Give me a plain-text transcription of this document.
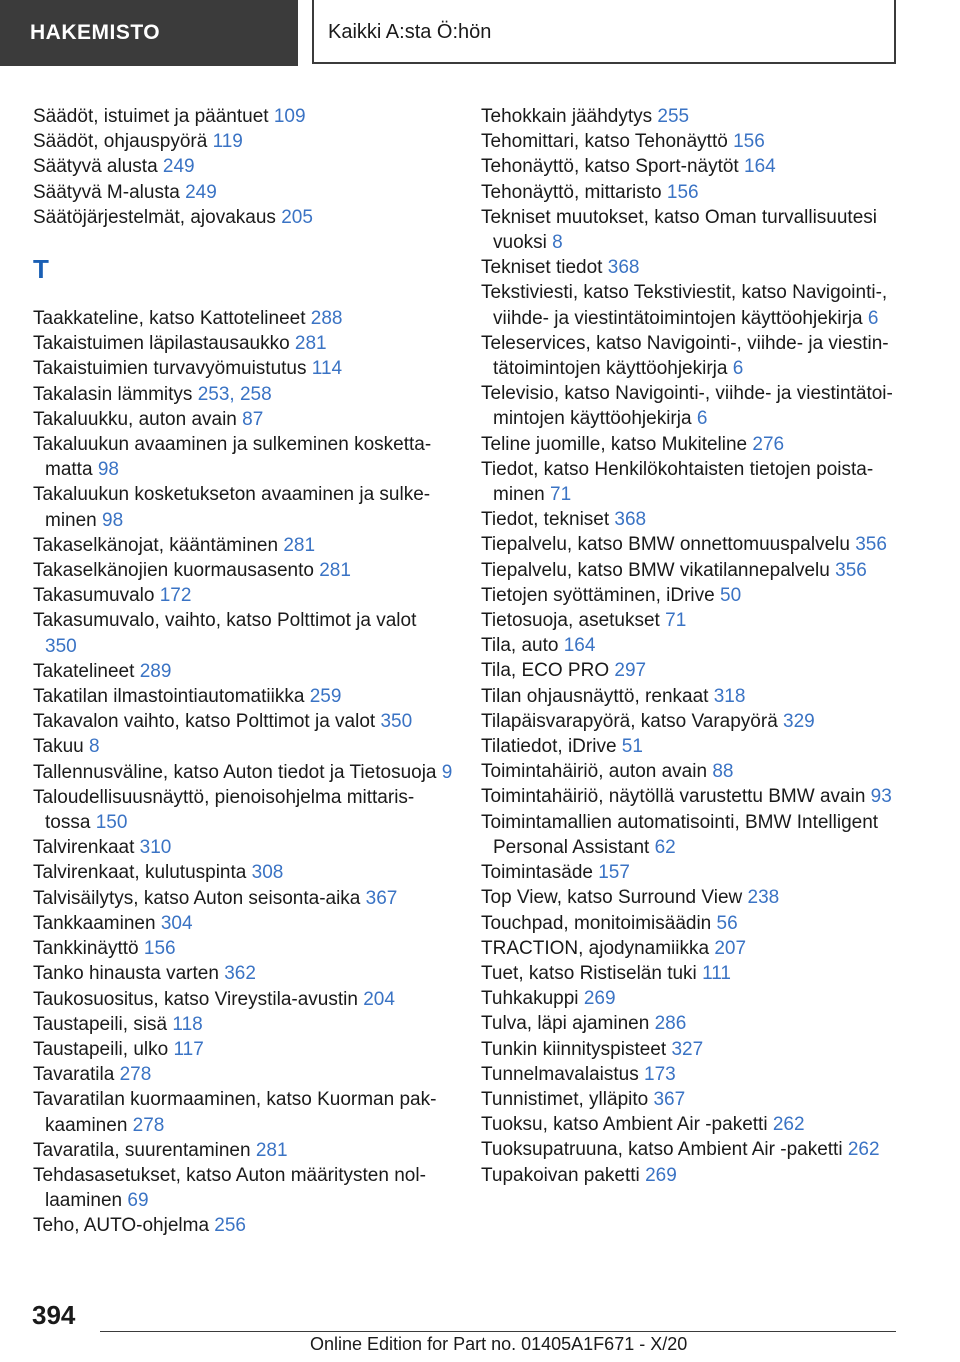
HAKEMISTO	Kaikki A:sta Ö:hön
Säädöt, istuimet ja pääntuet 109
Säädöt, ohjauspyörä 119
Säätyvä alusta 249
Säätyvä M-alusta 249
Säätöjärjestelmät, ajovakaus 205
T
Taakkateline, katso Kattotelineet 288
Takaistuimen läpilastausaukko 281
Takaistuimien turvavyömuistutus 114
Takalasin lämmitys 253, 258
Takaluukku, auton avain 87
Takaluukun avaaminen ja sulkeminen koskettamatta 98
Takaluukun kosketukseton avaaminen ja sulkeminen 98
Takaselkänojat, kääntäminen 281
Takaselkänojien kuormausasento 281
Takasumuvalo 172
Takasumuvalo, vaihto, katso Polttimot ja valot 350
Takatelineet 289
Takatilan ilmastointiautomatiikka 259
Takavalon vaihto, katso Polttimot ja valot 350
Takuu 8
Tallennusväline, katso Auton tiedot ja Tietosuoja 9
Taloudellisuusnäyttö, pienoisohjelma mittaristossa 150
Talvirenkaat 310
Talvirenkaat, kulutuspinta 308
Talvisäilytys, katso Auton seisonta-aika 367
Tankkaaminen 304
Tankkinäyttö 156
Tanko hinausta varten 362
Taukosuositus, katso Vireystila-avustin 204
Taustapeili, sisä 118
Taustapeili, ulko 117
Tavaratila 278
Tavaratilan kuormaaminen, katso Kuorman pakkaaminen 278
Tavaratila, suurentaminen 281
Tehdasasetukset, katso Auton määritysten nollaaminen 69
Teho, AUTO-ohjelma 256
Tehokkain jäähdytys 255
Tehomittari, katso Tehonäyttö 156
Tehonäyttö, katso Sport-näytöt 164
Tehonäyttö, mittaristo 156
Tekniset muutokset, katso Oman turvallisuutesi vuoksi 8
Tekniset tiedot 368
Tekstiviesti, katso Tekstiviestit, katso Navigointi-, viihde- ja viestintätoimintojen käyttöohjekirja 6
Teleservices, katso Navigointi-, viihde- ja viestintätoimintojen käyttöohjekirja 6
Televisio, katso Navigointi-, viihde- ja viestintätoimintojen käyttöohjekirja 6
Teline juomille, katso Mukiteline 276
Tiedot, katso Henkilökohtaisten tietojen poistaminen 71
Tiedot, tekniset 368
Tiepalvelu, katso BMW onnettomuuspalvelu 356
Tiepalvelu, katso BMW vikatilannepalvelu 356
Tietojen syöttäminen, iDrive 50
Tietosuoja, asetukset 71
Tila, auto 164
Tila, ECO PRO 297
Tilan ohjausnäyttö, renkaat 318
Tilapäisvarapyörä, katso Varapyörä 329
Tilatiedot, iDrive 51
Toimintahäiriö, auton avain 88
Toimintahäiriö, näytöllä varustettu BMW avain 93
Toimintamallien automatisointi, BMW Intelligent Personal Assistant 62
Toimintasäde 157
Top View, katso Surround View 238
Touchpad, monitoimisäädin 56
TRACTION, ajodynamiikka 207
Tuet, katso Ristiselän tuki 111
Tuhkakuppi 269
Tulva, läpi ajaminen 286
Tunkin kiinnityspisteet 327
Tunnelmavalaistus 173
Tunnistimet, ylläpito 367
Tuoksu, katso Ambient Air -paketti 262
Tuoksupatruuna, katso Ambient Air -paketti 262
Tupakoivan paketti 269
394
Online Edition for Part no. 01405A1F671 - X/20
